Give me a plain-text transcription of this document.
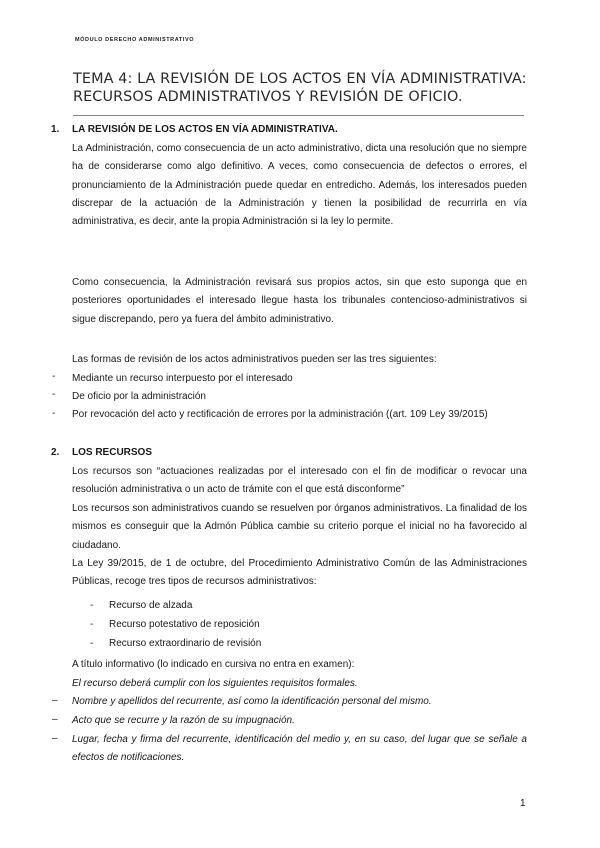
MÓDULO DERECHO ADMINISTRATIVO
TEMA 4: LA REVISIÓN DE LOS ACTOS EN VÍA ADMINISTRATIVA:
RECURSOS ADMINISTRATIVOS Y REVISIÓN DE OFICIO.
1. LA REVISIÓN DE LOS ACTOS EN VÍA ADMINISTRATIVA.

La Administración, como consecuencia de un acto administrativo, dicta una resolución que no siempre ha de considerarse como algo definitivo. A veces, como consecuencia de defectos o errores, el pronunciamiento de la Administración puede quedar en entredicho. Además, los interesados pueden discrepar de la actuación de la Administración y tienen la posibilidad de recurrirla en vía administrativa, es decir, ante la propia Administración si la ley lo permite.

Como consecuencia, la Administración revisará sus propios actos, sin que esto suponga que en posteriores oportunidades el interesado llegue hasta los tribunales contencioso-administrativos si sigue discrepando, pero ya fuera del ámbito administrativo.

Las formas de revisión de los actos administrativos pueden ser las tres siguientes:

- Mediante un recurso interpuesto por el interesado
- De oficio por la administración
- Por revocación del acto y rectificación de errores por la administración ((art. 109 Ley 39/2015)
2. LOS RECURSOS

Los recursos son “actuaciones realizadas por el interesado con el fin de modificar o revocar una resolución administrativa o un acto de trámite con el que está disconforme”

Los recursos son administrativos cuando se resuelven por órganos administrativos. La finalidad de los mismos es conseguir que la Admón Pública cambie su criterio porque el inicial no ha favorecido al ciudadano.

La Ley 39/2015, de 1 de octubre, del Procedimiento Administrativo Común de las Administraciones Públicas, recoge tres tipos de recursos administrativos:

- Recurso de alzada
- Recurso potestativo de reposición
- Recurso extraordinario de revisión
A título informativo (lo indicado en cursiva no entra en examen):
El recurso deberá cumplir con los siguientes requisitos formales.
– Nombre y apellidos del recurrente, así como la identificación personal del mismo.
– Acto que se recurre y la razón de su impugnación.
– Lugar, fecha y firma del recurrente, identificación del medio y, en su caso, del lugar que se señale a efectos de notificaciones.
1
